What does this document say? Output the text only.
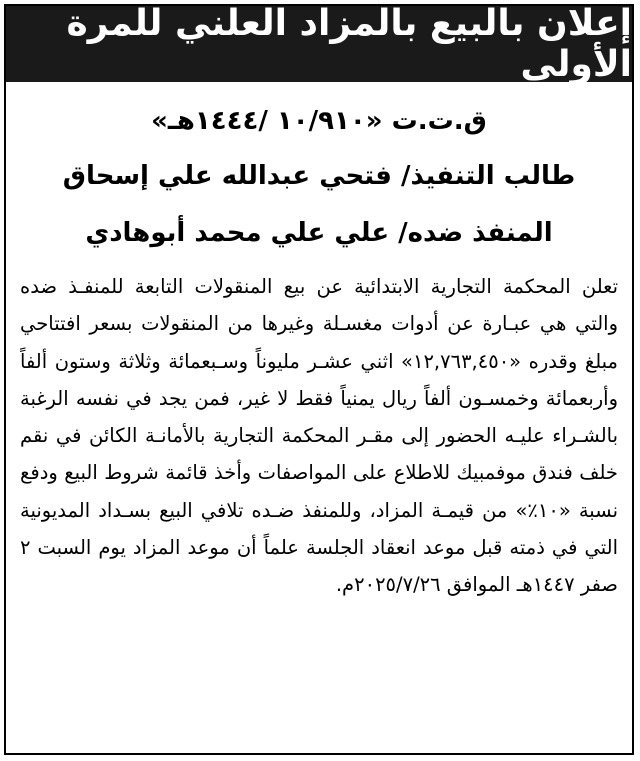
إعلان بالبيع بالمزاد العلني للمرة الأولى
ق.ت.ت «١٠/٩١٠ /١٤٤٤هـ»
طالب التنفيذ/ فتحي عبدالله علي إسحاق
المنفذ ضده/ علي علي محمد أبوهادي
تعلن المحكمة التجارية الابتدائية عن بيع المنقولات التابعة للمنفـذ ضده والتي هي عبـارة عن أدوات مغسـلة وغيرها من المنقولات بسعر افتتاحي مبلغ وقدره «١٢,٧٦٣,٤٥٠» اثني عشـر مليوناً وسـبعمائة وثلاثة وستون ألفاً وأربعمائة وخمسـون ألفاً ريال يمنياً فقط لا غير، فمن يجد في نفسه الرغبة بالشـراء عليـه الحضور إلى مقـر المحكمة التجارية بالأمانـة الكائن في نقم خلف فندق موفمبيك للاطلاع على المواصفات وأخذ قائمة شروط البيع ودفع نسبة «١٠٪» من قيمـة المزاد، وللمنفذ ضـده تلافي البيع بسـداد المديونية التي في ذمته قبل موعد انعقاد الجلسة علماً أن موعد المزاد يوم السبت ٢ صفر ١٤٤٧هـ الموافق ٢٠٢٥/٧/٢٦م.
